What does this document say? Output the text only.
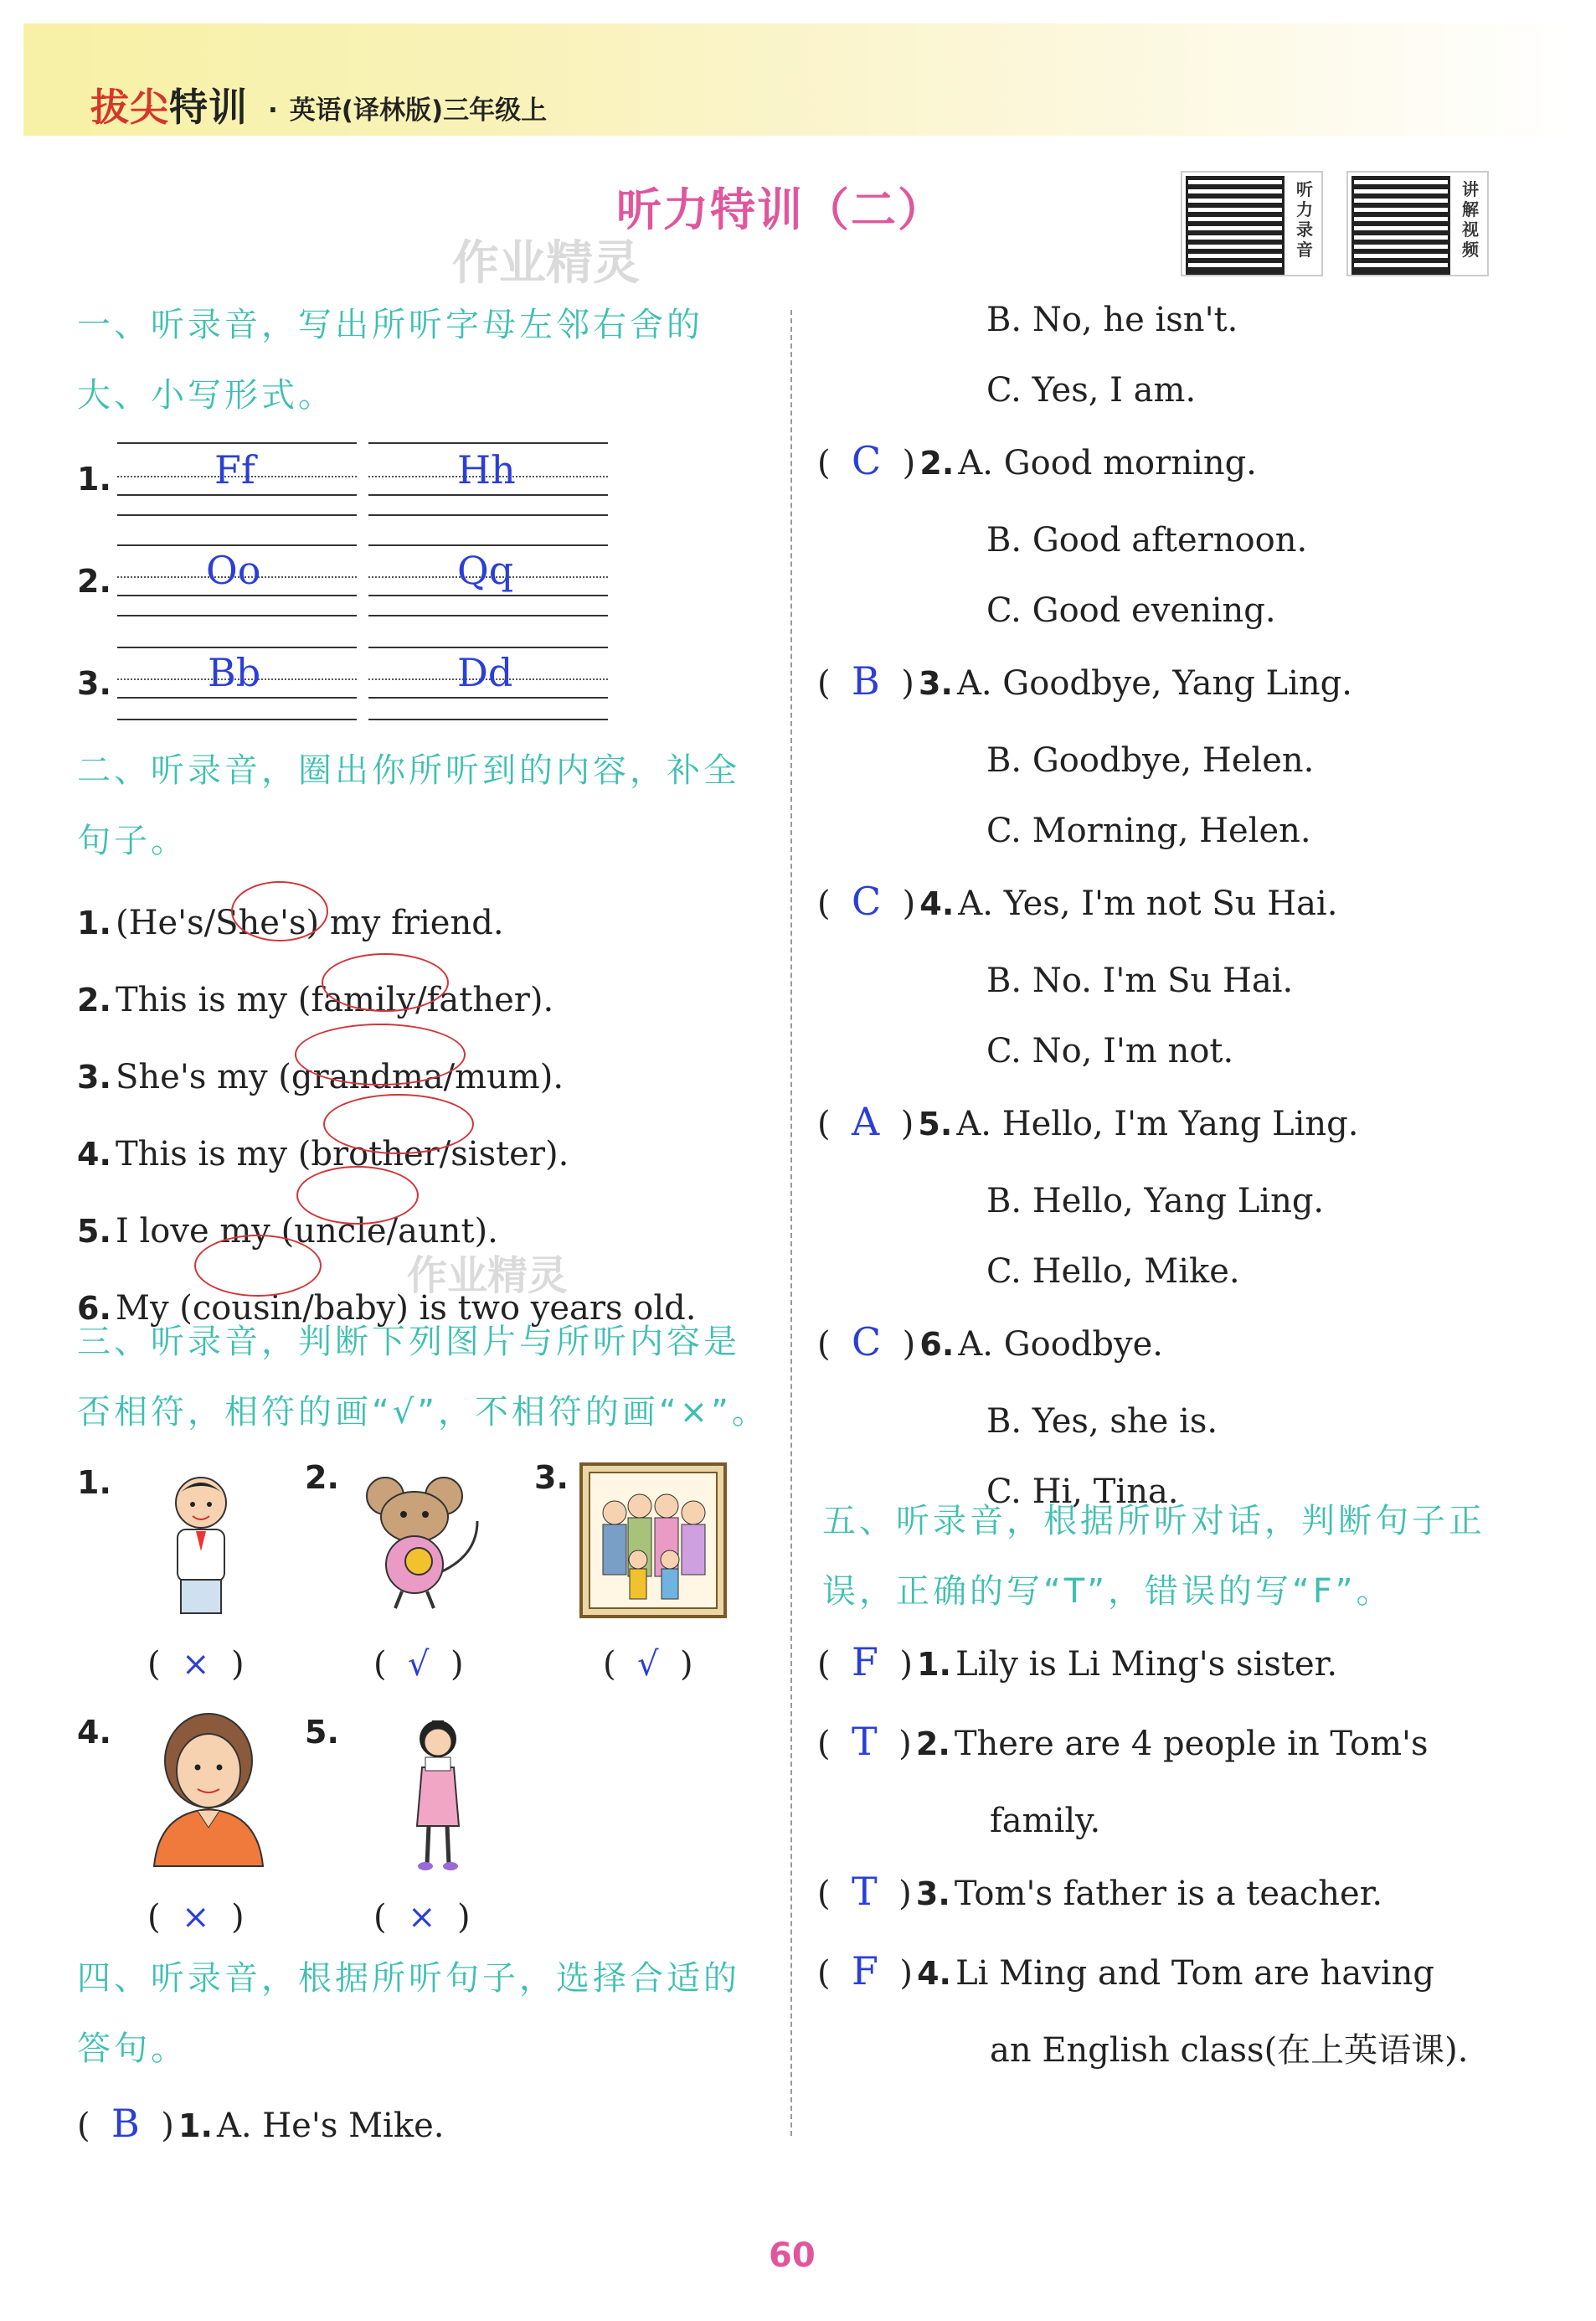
拔尖特训 · 英语(译林版)三年级上
听力特训（二）
作业精灵
听
力
录
音
讲
解
视
频
一、听录音，写出所听字母左邻右舍的
大、小写形式。
1.	Ff	Hh
2. Oo	Qq
3.	Bb	Dd
二、听录音，圈出你所听到的内容，补全
句子。
1. (He's/She's) my friend.
2. This is my (family/father).
3. She's my (grandma/mum).
4. This is my (brother/sister).
5. I love my (uncle/aunt).
6. My (cousin/baby) is two years old.
作业精灵
三、听录音，判断下列图片与所听内容是
否相符，相符的画“√”，不相符的画“×”。
1.
(  ×  )
2.
(  √  )
3.
(  √  )
4.
(  ×  )
5.
(  ×  )
四、听录音，根据所听句子，选择合适的
答句。
(  B  ) 1. A. He's Mike.
B. No, he isn't.
C. Yes, I am.
(  C  ) 2. A. Good morning.
B. Good afternoon.
C. Good evening.
(  B  ) 3. A. Goodbye, Yang Ling.
B. Goodbye, Helen.
C. Morning, Helen.
(  C  ) 4. A. Yes, I'm not Su Hai.
B. No. I'm Su Hai.
C. No, I'm not.
(  A  ) 5. A. Hello, I'm Yang Ling.
B. Hello, Yang Ling.
C. Hello, Mike.
(  C  ) 6. A. Goodbye.
B. Yes, she is.
C. Hi, Tina.
五、听录音，根据所听对话，判断句子正
误，正确的写“T”，错误的写“F”。
(  F  ) 1. Lily is Li Ming's sister.
(  T  ) 2. There are 4 people in Tom's
family.
(  T  ) 3. Tom's father is a teacher.
(  F  ) 4. Li Ming and Tom are having
an English class(在上英语课).
60
